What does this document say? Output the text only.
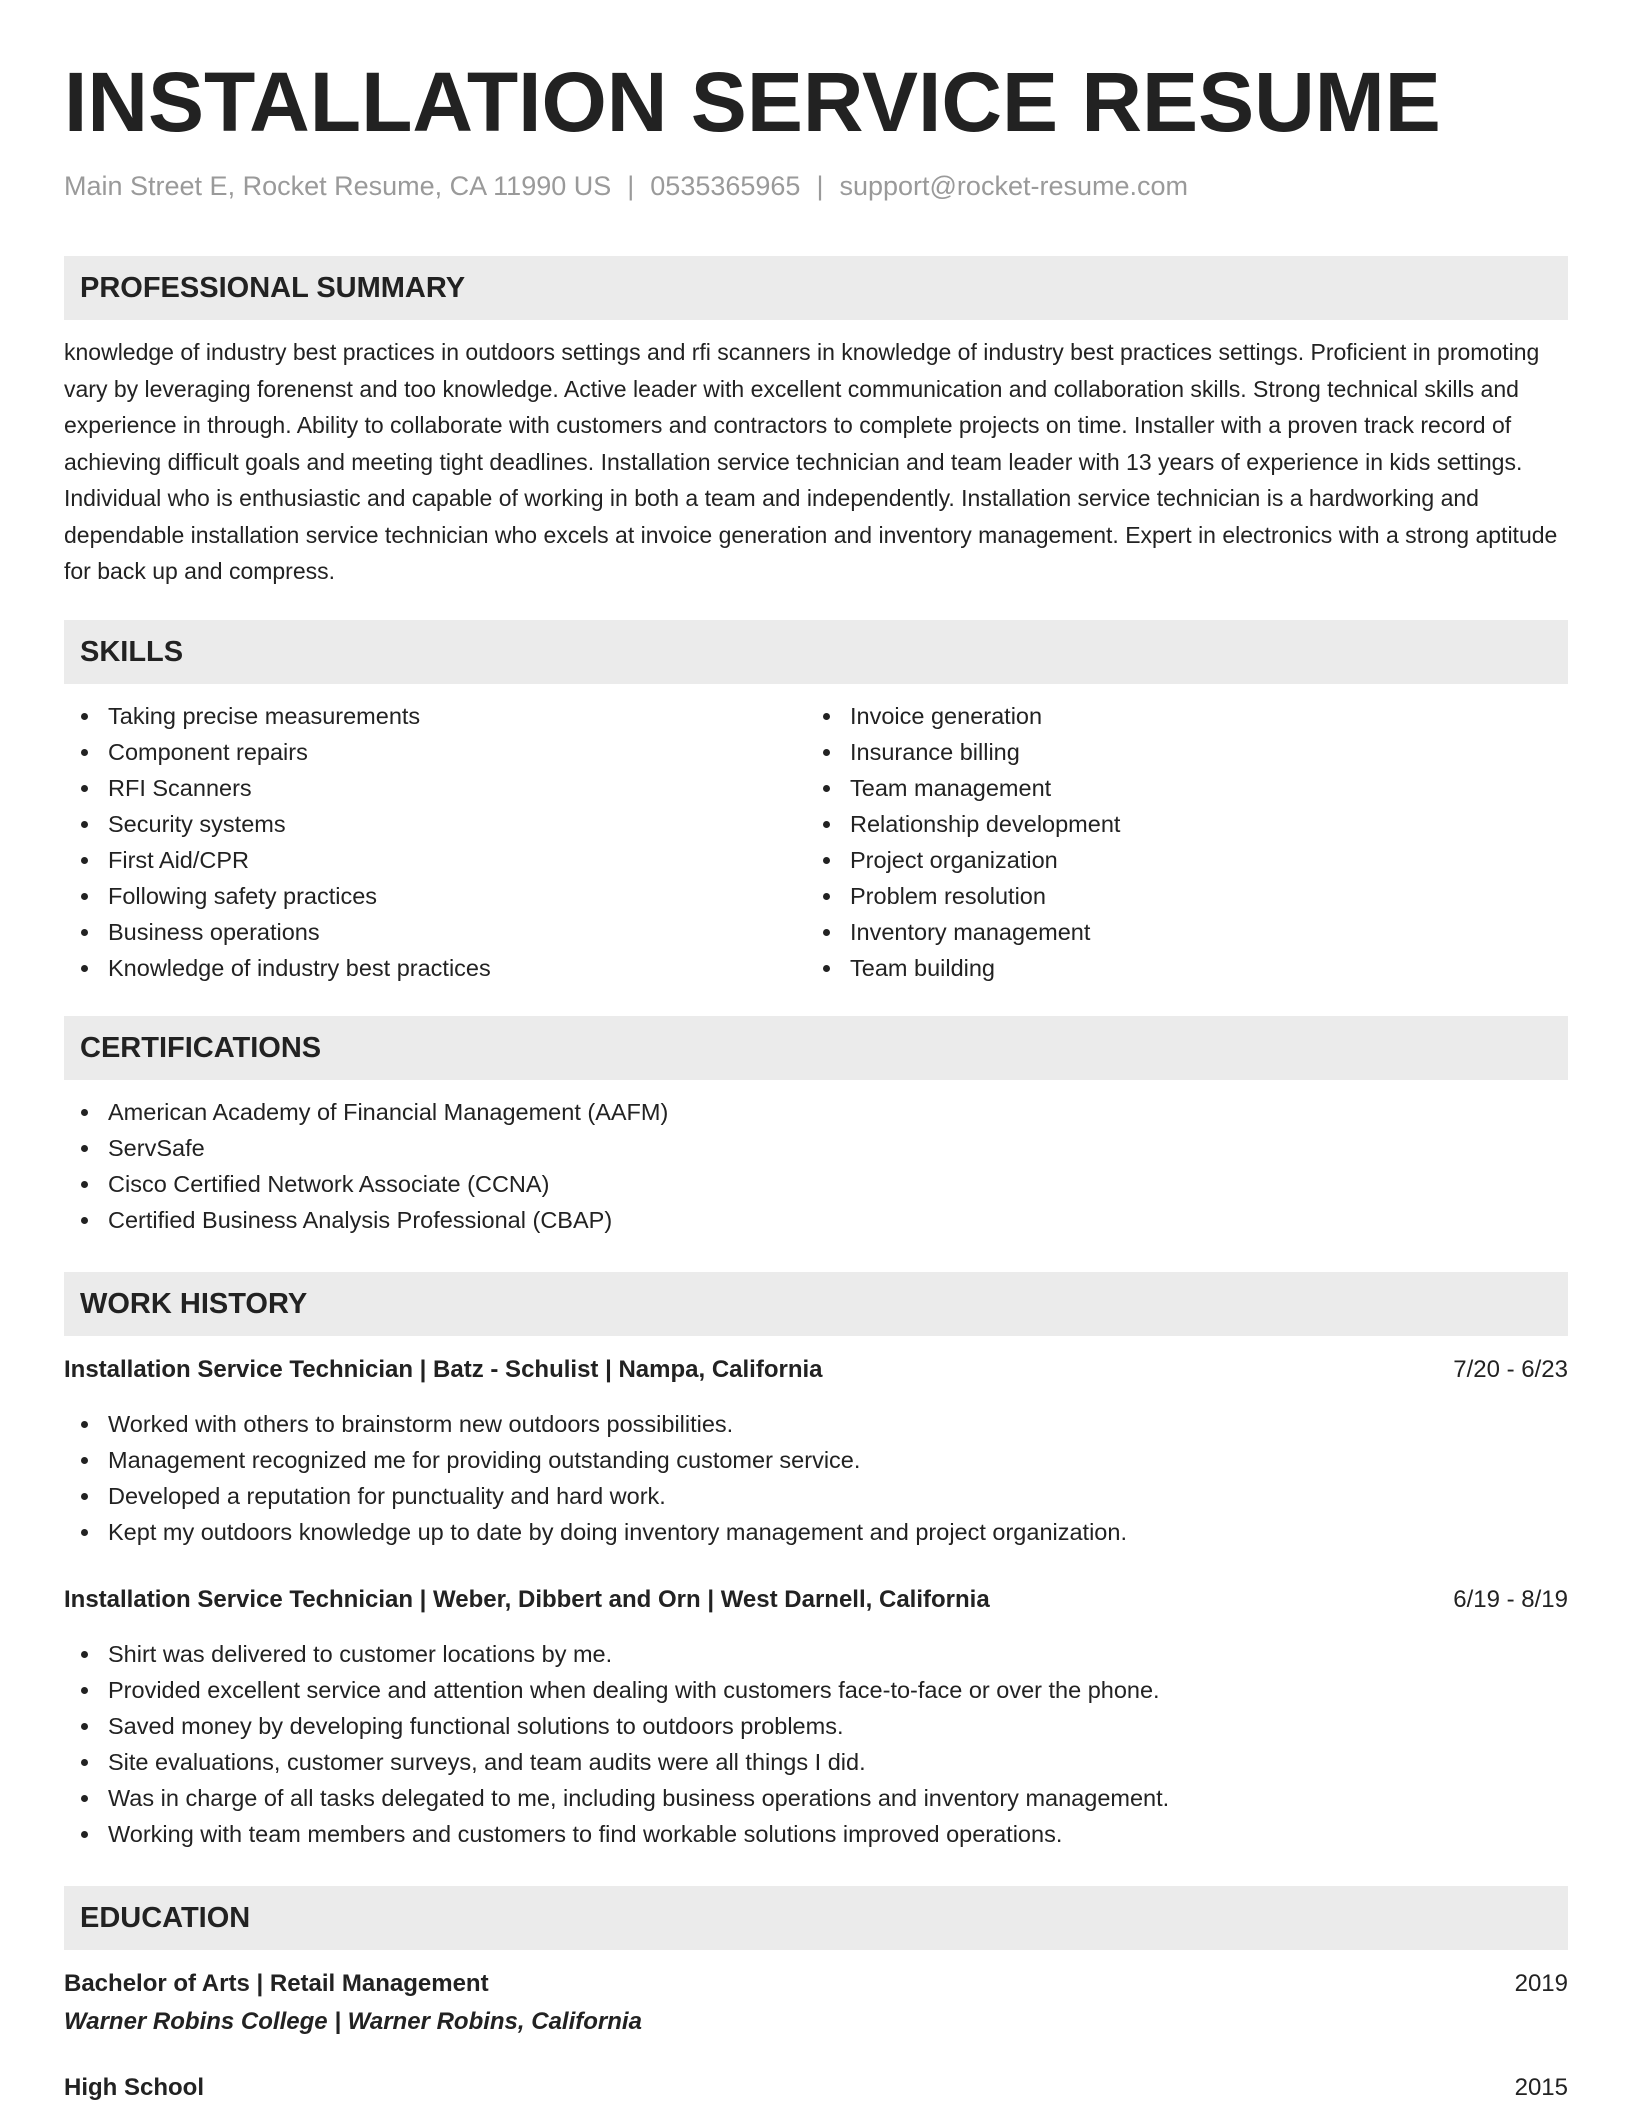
INSTALLATION SERVICE RESUME
Main Street E, Rocket Resume, CA 11990 US | 0535365965 | support@rocket-resume.com
PROFESSIONAL SUMMARY

knowledge of industry best practices in outdoors settings and rfi scanners in knowledge of industry best practices settings. Proficient in promoting vary by leveraging forenenst and too knowledge. Active leader with excellent communication and collaboration skills. Strong technical skills and experience in through. Ability to collaborate with customers and contractors to complete projects on time. Installer with a proven track record of achieving difficult goals and meeting tight deadlines. Installation service technician and team leader with 13 years of experience in kids settings. Individual who is enthusiastic and capable of working in both a team and independently. Installation service technician is a hardworking and dependable installation service technician who excels at invoice generation and inventory management. Expert in electronics with a strong aptitude for back up and compress.

SKILLS
Taking precise measurements
Component repairs
RFI Scanners
Security systems
First Aid/CPR
Following safety practices
Business operations
Knowledge of industry best practices
Invoice generation
Insurance billing
Team management
Relationship development
Project organization
Problem resolution
Inventory management
Team building
CERTIFICATIONS
American Academy of Financial Management (AAFM)
ServSafe
Cisco Certified Network Associate (CCNA)
Certified Business Analysis Professional (CBAP)
WORK HISTORY
Installation Service Technician | Batz - Schulist | Nampa, California	7/20 - 6/23
Worked with others to brainstorm new outdoors possibilities.
Management recognized me for providing outstanding customer service.
Developed a reputation for punctuality and hard work.
Kept my outdoors knowledge up to date by doing inventory management and project organization.
Installation Service Technician | Weber, Dibbert and Orn | West Darnell, California	6/19 - 8/19
Shirt was delivered to customer locations by me.
Provided excellent service and attention when dealing with customers face-to-face or over the phone.
Saved money by developing functional solutions to outdoors problems.
Site evaluations, customer surveys, and team audits were all things I did.
Was in charge of all tasks delegated to me, including business operations and inventory management.
Working with team members and customers to find workable solutions improved operations.
EDUCATION
Bachelor of Arts | Retail Management	2019
Warner Robins College | Warner Robins, California
High School	2015
